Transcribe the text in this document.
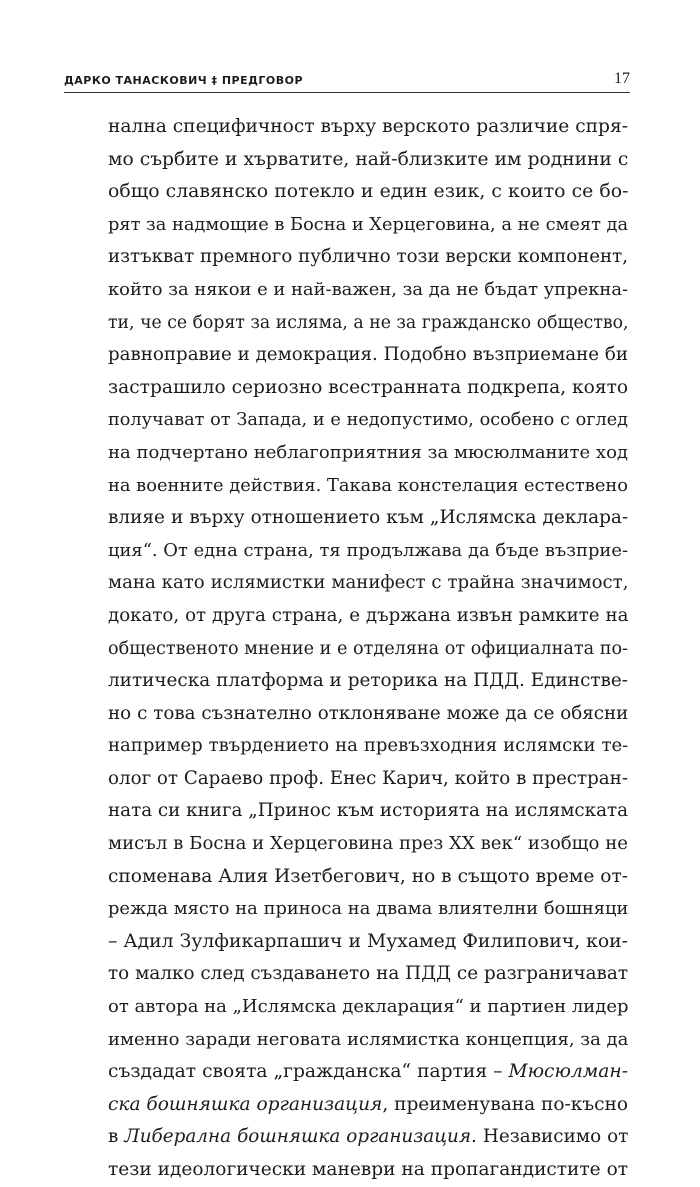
ДАРКО ТАНАСКОВИЧ ‡ ПРЕДГОВОР	17
нална специфичност върху верското различие спря-
мо сърбите и хърватите, най-близките им роднини с
общо славянско потекло и един език, с които се бо-
рят за надмощие в Босна и Херцеговина, а не смеят да
изтъкват премного публично този верски компонент,
който за някои е и най-важен, за да не бъдат упрекна-
ти, че се борят за исляма, а не за гражданско общество,
равноправие и демокрация. Подобно възприемане би
застрашило сериозно всестранната подкрепа, която
получават от Запада, и е недопустимо, особено с оглед
на подчертано неблагоприятния за мюсюлманите ход
на военните действия. Такава констелация естествено
влияе и върху отношението към „Ислямска деклара-
ция“. От една страна, тя продължава да бъде възприе-
мана като ислямистки манифест с трайна значимост,
докато, от друга страна, е държана извън рамките на
общественото мнение и е отделяна от официалната по-
литическа платформа и реторика на ПДД. Единстве-
но с това съзнателно отклоняване може да се обясни
например твърдението на превъзходния ислямски те-
олог от Сараево проф. Енес Карич, който в престран-
ната си книга „Принос към историята на ислямската
мисъл в Босна и Херцеговина през XX век“ изобщо не
споменава Алия Изетбегович, но в същото време от-
режда място на приноса на двама влиятелни бошняци
– Адил Зулфикарпашич и Мухамед Филипович, кои-
то малко след създаването на ПДД се разграничават
от автора на „Ислямска декларация“ и партиен лидер
именно заради неговата ислямистка концепция, за да
създадат своята „гражданска“ партия – Мюсюлман-
ска бошняшка организация, преименувана по-късно
в Либерална бошняшка организация. Независимо от
тези идеологически маневри на пропагандистите от
